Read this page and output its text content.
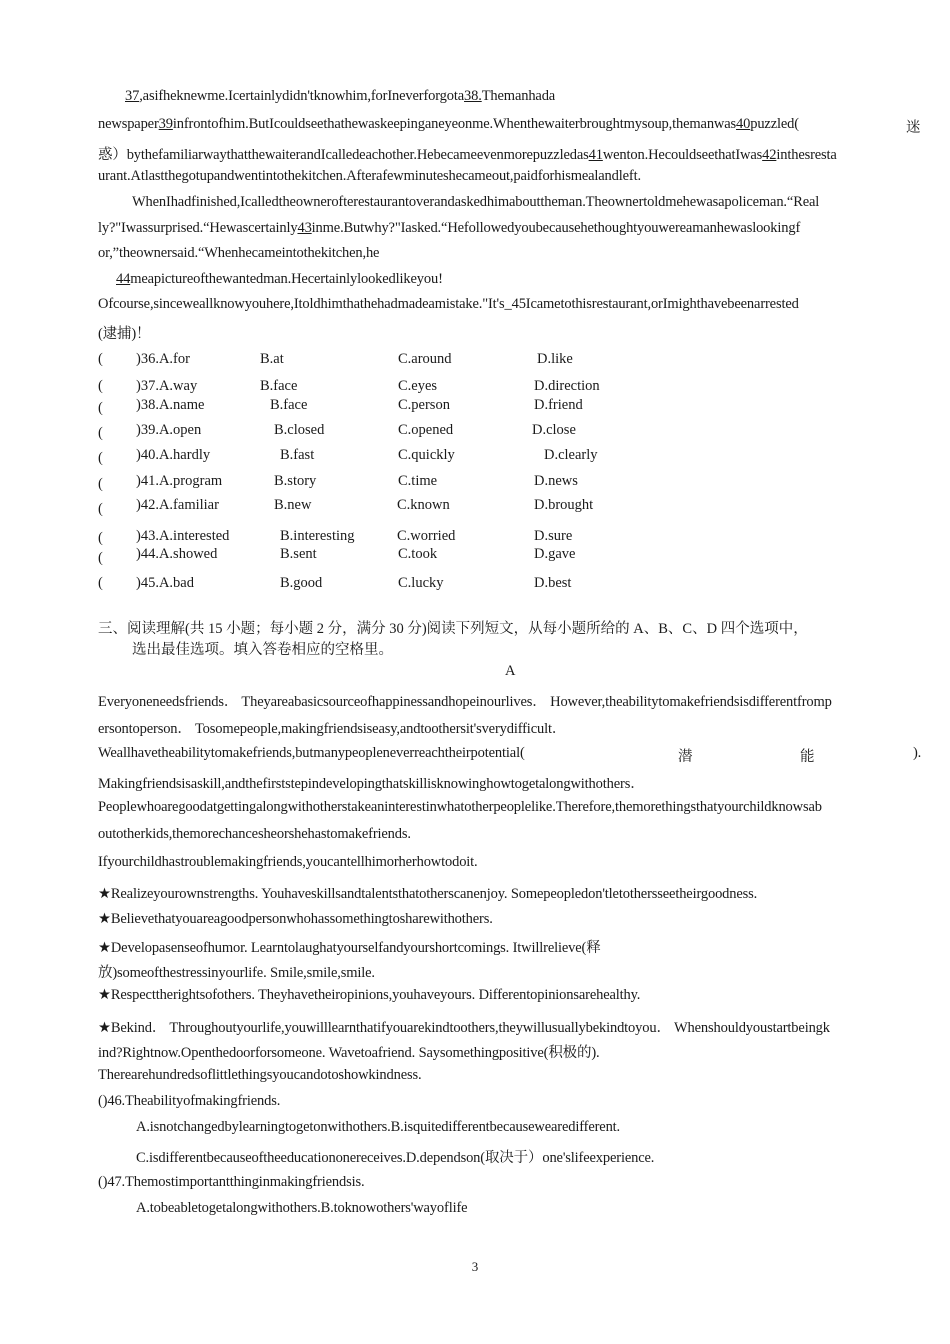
37,asifheknewme.Icertainlydidn'tknowhim,forIneverforgota38.Themanhada
newspaper39infrontofhim.ButIcouldseethathewaskeepinganeyeonme.Whenthewaiterbroughtmysoup,themanwas40puzzled(	迷
惑）bythefamiliarwaythatthewaiterandIcalledeachother.Hebecameevenmorepuzzledas41wenton.HecouldseethatIwas42inthesresta
urant.Atlastthegotupandwentintothekitchen.Afterafewminuteshecameout,paidforhismealandleft.
WhenIhadfinished,Icalledtheownerofterestaurantoverandaskedhimabouttheman.Theownertoldmehewasapoliceman.“Real
ly?"Iwassurprised.“Hewascertainly43inme.Butwhy?"Iasked.“Hefollowedyoubecausehethoughtyouwereamanhewaslookingf
or,”theownersaid.“Whenhecameintothekitchen,he
44meapictureofthewantedman.Hecertainlylookedlikeyou!
Ofcourse,sinceweallknowyouhere,Itoldhimthathehadmadeamistake."It's_45Icametothisrestaurant,orImighthavebeenarrested
(逮捕)！
( )36.A.for	B.at	C.around	D.like
( )37.A.way	B.face	C.eyes	D.direction
( )38.A.name	B.face	C.person	D.friend
( )39.A.open	B.closed	C.opened	D.close
( )40.A.hardly	B.fast	C.quickly	D.clearly
( )41.A.program	B.story	C.time	D.news
( )42.A.familiar	B.new	C.known	D.brought
( )43.A.interested	B.interesting	C.worried	D.sure
( )44.A.showed	B.sent	C.took	D.gave
( )45.A.bad	B.good	C.lucky	D.best
三、阅读理解(共 15 小题；每小题 2 分，满分 30 分)阅读下列短文，从每小题所给的 A、B、C、D 四个选项中，
选出最佳选项。填入答卷相应的空格里。
A
Everyoneneedsfriends． Theyareabasicsourceofhappinessandhopeinourlives． However,theabilitytomakefriendsisdifferentfromp
ersontoperson． Tosomepeople,makingfriendsiseasy,andtoothersit'sverydifficult．
Weallhavetheabilitytomakefriends,butmanypeopleneverreachtheirpotential(	潜	能	).
Makingfriendsisaskill,andthefirststepindevelopingthatskillisknowinghowtogetalongwithothers．
Peoplewhoaregoodatgettingalongwithotherstakeaninterestinwhatotherpeoplelike.Therefore,themorethingsthatyourchildknowsab
outotherkids,themorechancesheorshehastomakefriends.
Ifyourchildhastroublemakingfriends,youcantellhimorherhowtodoit.
★Realizeyourownstrengths. Youhaveskillsandtalentsthatotherscanenjoy. Somepeopledon'tletothersseetheirgoodness.
★Believethatyouareagoodpersonwhohassomethingtosharewithothers.
★Developasenseofhumor. Learntolaughatyourselfandyourshortcomings. Itwillrelieve(释
放)someofthestressinyourlife. Smile,smile,smile.
★Respecttherightsofothers. Theyhavetheiropinions,youhaveyours. Differentopinionsarehealthy.
★Bekind． Throughoutyourlife,youwilllearnthatifyouarekindtoothers,theywillusuallybekindtoyou． Whenshouldyoustartbeingk
ind?Rightnow.Openthedoorforsomeone. Wavetoafriend. Saysomethingpositive(积极的).
Therearehundredsoflittlethingsyoucandotoshowkindness.
()46.Theabilityofmakingfriends.
A.isnotchangedbylearningtogetonwithothers.B.isquitedifferentbecausewearedifferent.
C.isdifferentbecauseoftheeducationonereceives.D.dependson(取决于）one'slifeexperience.
()47.Themostimportantthinginmakingfriendsis.
A.tobeabletogetalongwithothers.B.toknowothers'wayoflife
3
